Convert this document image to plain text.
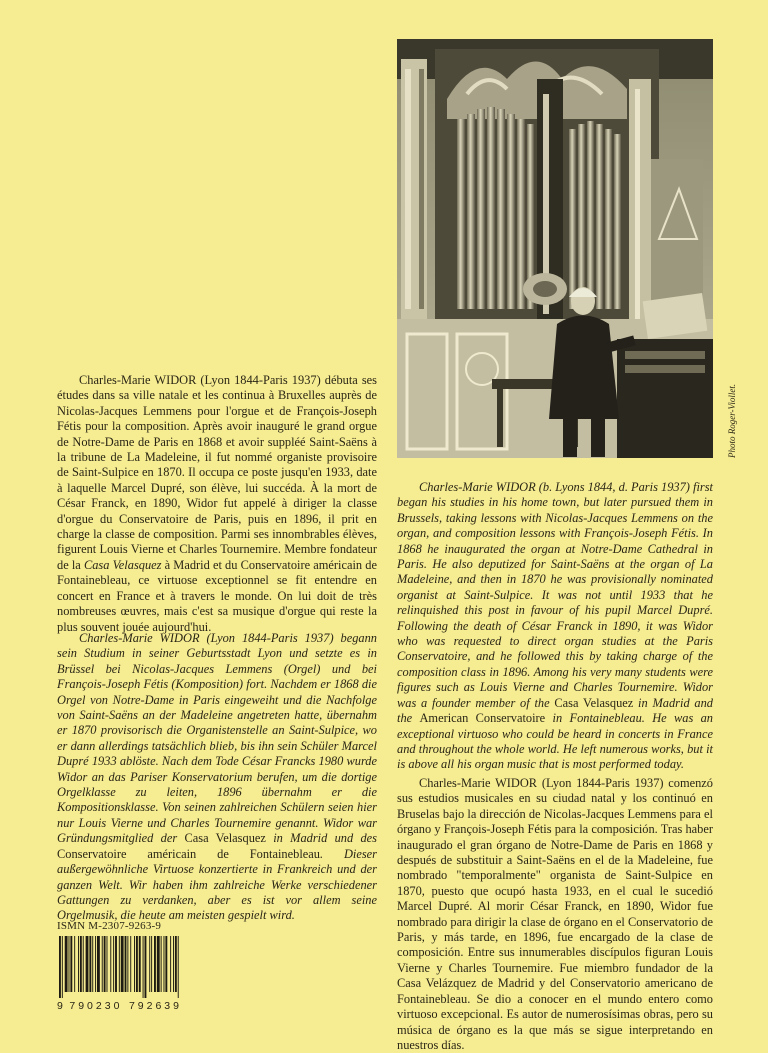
Photo Roger-Viollet.

Charles-Marie WIDOR (Lyon 1844-Paris 1937) débuta ses études dans sa ville natale et les continua à Bruxelles auprès de Nicolas-Jacques Lemmens pour l'orgue et de François-Joseph Fétis pour la composition. Après avoir inauguré le grand orgue de Notre-Dame de Paris en 1868 et avoir suppléé Saint-Saëns à la tribune de La Madeleine, il fut nommé organiste provisoire de Saint-Sulpice en 1870. Il occupa ce poste jusqu'en 1933, date à laquelle Marcel Dupré, son élève, lui succéda. À la mort de César Franck, en 1890, Widor fut appelé à diriger la classe d'orgue du Conservatoire de Paris, puis en 1896, il prit en charge la classe de composition. Parmi ses innombrables élèves, figurent Louis Vierne et Charles Tournemire. Membre fondateur de la Casa Velasquez à Madrid et du Conservatoire américain de Fontainebleau, ce virtuose exceptionnel se fit entendre en concert en France et à travers le monde. On lui doit de très nombreuses œuvres, mais c'est sa musique d'orgue qui reste la plus souvent jouée aujourd'hui.

Charles-Marie WIDOR (Lyon 1844-Paris 1937) begann sein Studium in seiner Geburtsstadt Lyon und setzte es in Brüssel bei Nicolas-Jacques Lemmens (Orgel) und bei François-Joseph Fétis (Komposition) fort. Nachdem er 1868 die Orgel von Notre-Dame in Paris eingeweiht und die Nachfolge von Saint-Saëns an der Madeleine angetreten hatte, übernahm er 1870 provisorisch die Organistenstelle an Saint-Sulpice, wo er dann allerdings tatsächlich blieb, bis ihn sein Schüler Marcel Dupré 1933 ablöste. Nach dem Tode César Francks 1980 wurde Widor an das Pariser Konservatorium berufen, um die dortige Orgelklasse zu leiten, 1896 übernahm er die Kompositionsklasse. Von seinen zahlreichen Schülern seien hier nur Louis Vierne und Charles Tournemire genannt. Widor war Gründungsmitglied der Casa Velasquez in Madrid und des Conservatoire américain de Fontainebleau. Dieser außergewöhnliche Virtuose konzertierte in Frankreich und der ganzen Welt. Wir haben ihm zahlreiche Werke verschiedener Gattungen zu verdanken, aber es ist vor allem seine Orgelmusik, die heute am meisten gespielt wird.

Charles-Marie WIDOR (b. Lyons 1844, d. Paris 1937) first began his studies in his home town, but later pursued them in Brussels, taking lessons with Nicolas-Jacques Lemmens on the organ, and composition lessons with François-Joseph Fétis. In 1868 he inaugurated the organ at Notre-Dame Cathedral in Paris. He also deputized for Saint-Saëns at the organ of La Madeleine, and then in 1870 he was provisionally nominated organist at Saint-Sulpice. It was not until 1933 that he relinquished this post in favour of his pupil Marcel Dupré. Following the death of César Franck in 1890, it was Widor who was requested to direct organ studies at the Paris Conservatoire, and he followed this by taking charge of the composition class in 1896. Among his very many students were figures such as Louis Vierne and Charles Tournemire. Widor was a founder member of the Casa Velasquez in Madrid and the American Conservatoire in Fontainebleau. He was an exceptional virtuoso who could be heard in concerts in France and throughout the whole world. He left numerous works, but it is above all his organ music that is most performed today.

Charles-Marie WIDOR (Lyon 1844-Paris 1937) comenzó sus estudios musicales en su ciudad natal y los continuó en Bruselas bajo la dirección de Nicolas-Jacques Lemmens para el órgano y François-Joseph Fétis para la composición. Tras haber inaugurado el gran órgano de Notre-Dame de Paris en 1868 y después de substituir a Saint-Saëns en el de la Madeleine, fue nombrado "temporalmente" organista de Saint-Sulpice en 1870, puesto que ocupó hasta 1933, en el cual le sucedió Marcel Dupré. Al morir César Franck, en 1890, Widor fue nombrado para dirigir la clase de órgano en el Conservatorio de Paris, y más tarde, en 1896, fue encargado de la clase de composición. Entre sus innumerables discípulos figuran Louis Vierne y Charles Tournemire. Fue miembro fundador de la Casa Velázquez de Madrid y del Conservatorio americano de Fontainebleau. Se dio a conocer en el mundo entero como virtuoso excepcional. Es autor de numerosísimas obras, pero su música de órgano es la que más se sigue interpretando en nuestros días.

ISMN M-2307-9263-9
9 790230 792639
